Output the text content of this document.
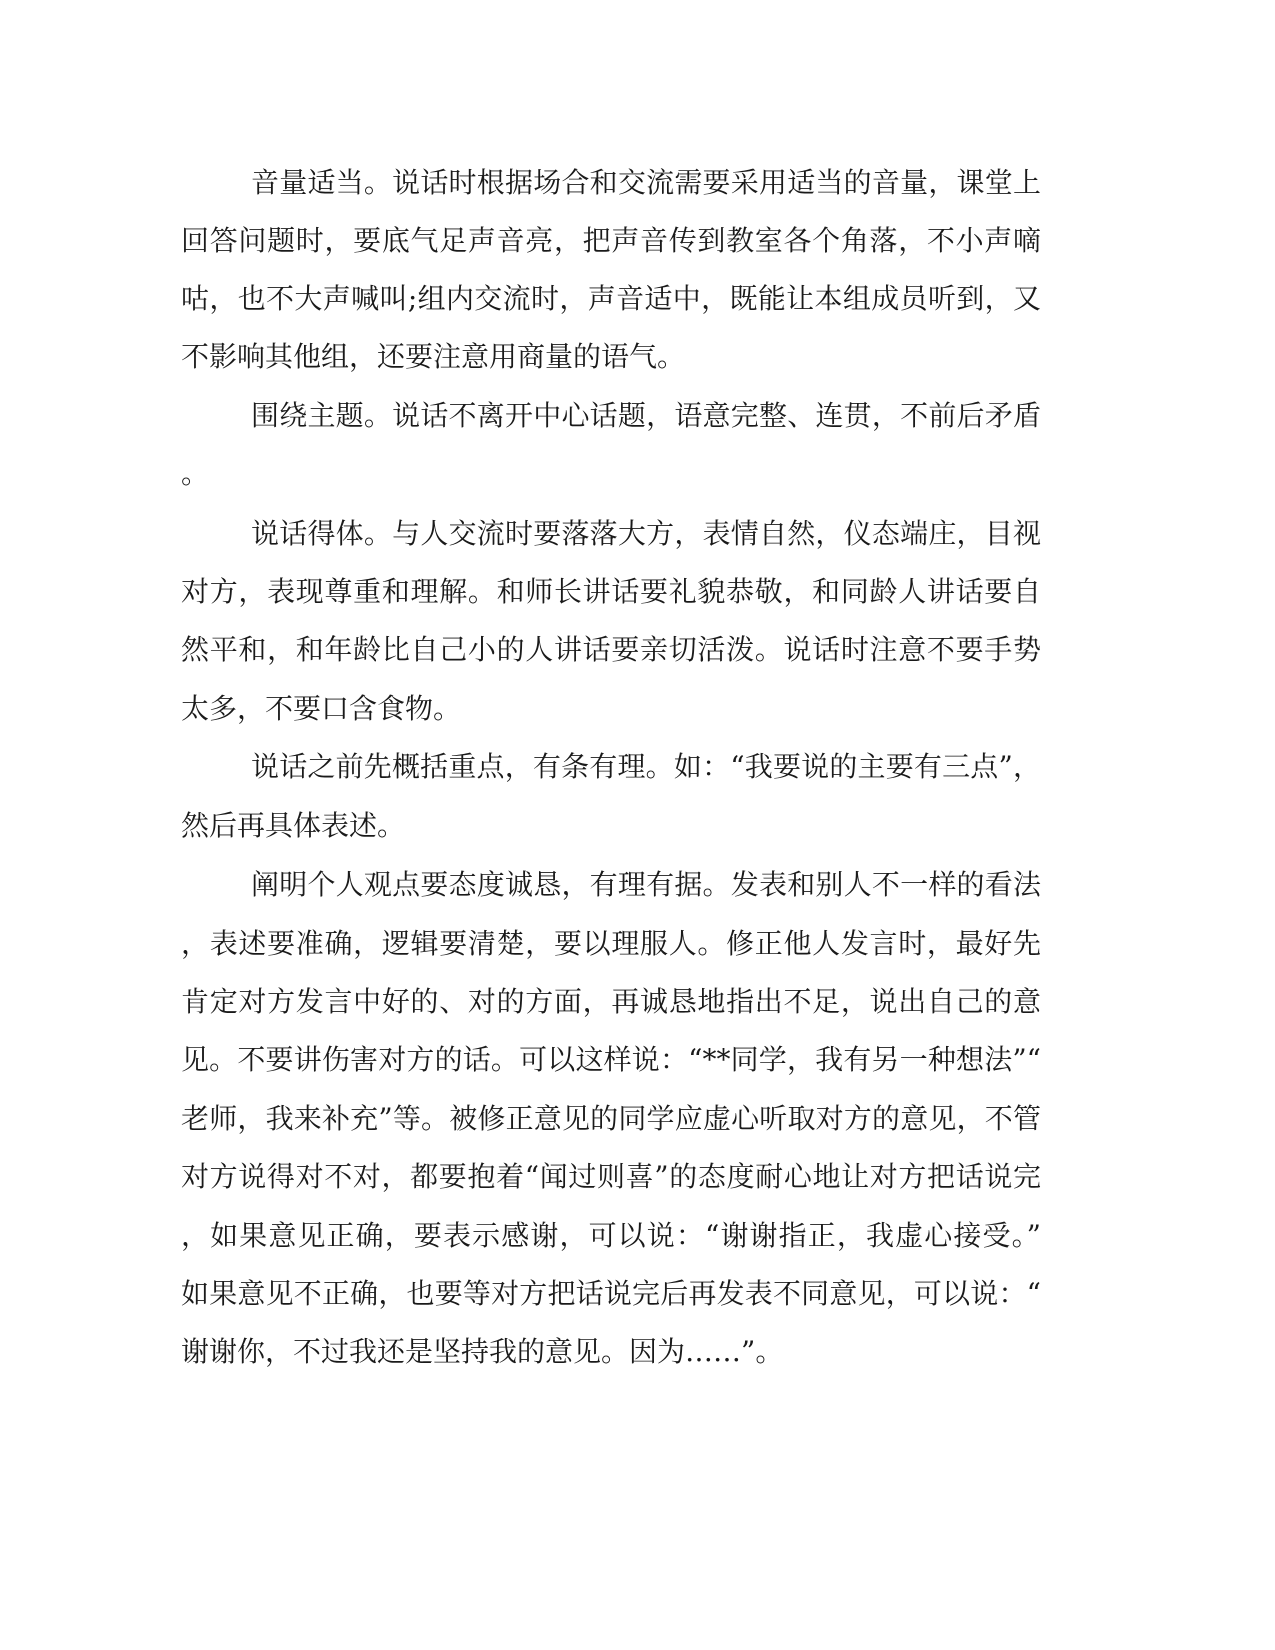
音量适当。说话时根据场合和交流需要采用适当的音量，课堂上
回答问题时，要底气足声音亮，把声音传到教室各个角落，不小声嘀
咕，也不大声喊叫;组内交流时，声音适中，既能让本组成员听到，又
不影响其他组，还要注意用商量的语气。
围绕主题。说话不离开中心话题，语意完整、连贯，不前后矛盾
。
说话得体。与人交流时要落落大方，表情自然，仪态端庄，目视
对方，表现尊重和理解。和师长讲话要礼貌恭敬，和同龄人讲话要自
然平和，和年龄比自己小的人讲话要亲切活泼。说话时注意不要手势
太多，不要口含食物。
说话之前先概括重点，有条有理。如：“我要说的主要有三点”，
然后再具体表述。
阐明个人观点要态度诚恳，有理有据。发表和别人不一样的看法
，表述要准确，逻辑要清楚，要以理服人。修正他人发言时，最好先
肯定对方发言中好的、对的方面，再诚恳地指出不足，说出自己的意
见。不要讲伤害对方的话。可以这样说：“**同学，我有另一种想法”“
老师，我来补充”等。被修正意见的同学应虚心听取对方的意见，不管
对方说得对不对，都要抱着“闻过则喜”的态度耐心地让对方把话说完
，如果意见正确，要表示感谢，可以说：“谢谢指正，我虚心接受。”
如果意见不正确，也要等对方把话说完后再发表不同意见，可以说：“
谢谢你，不过我还是坚持我的意见。因为……”。
